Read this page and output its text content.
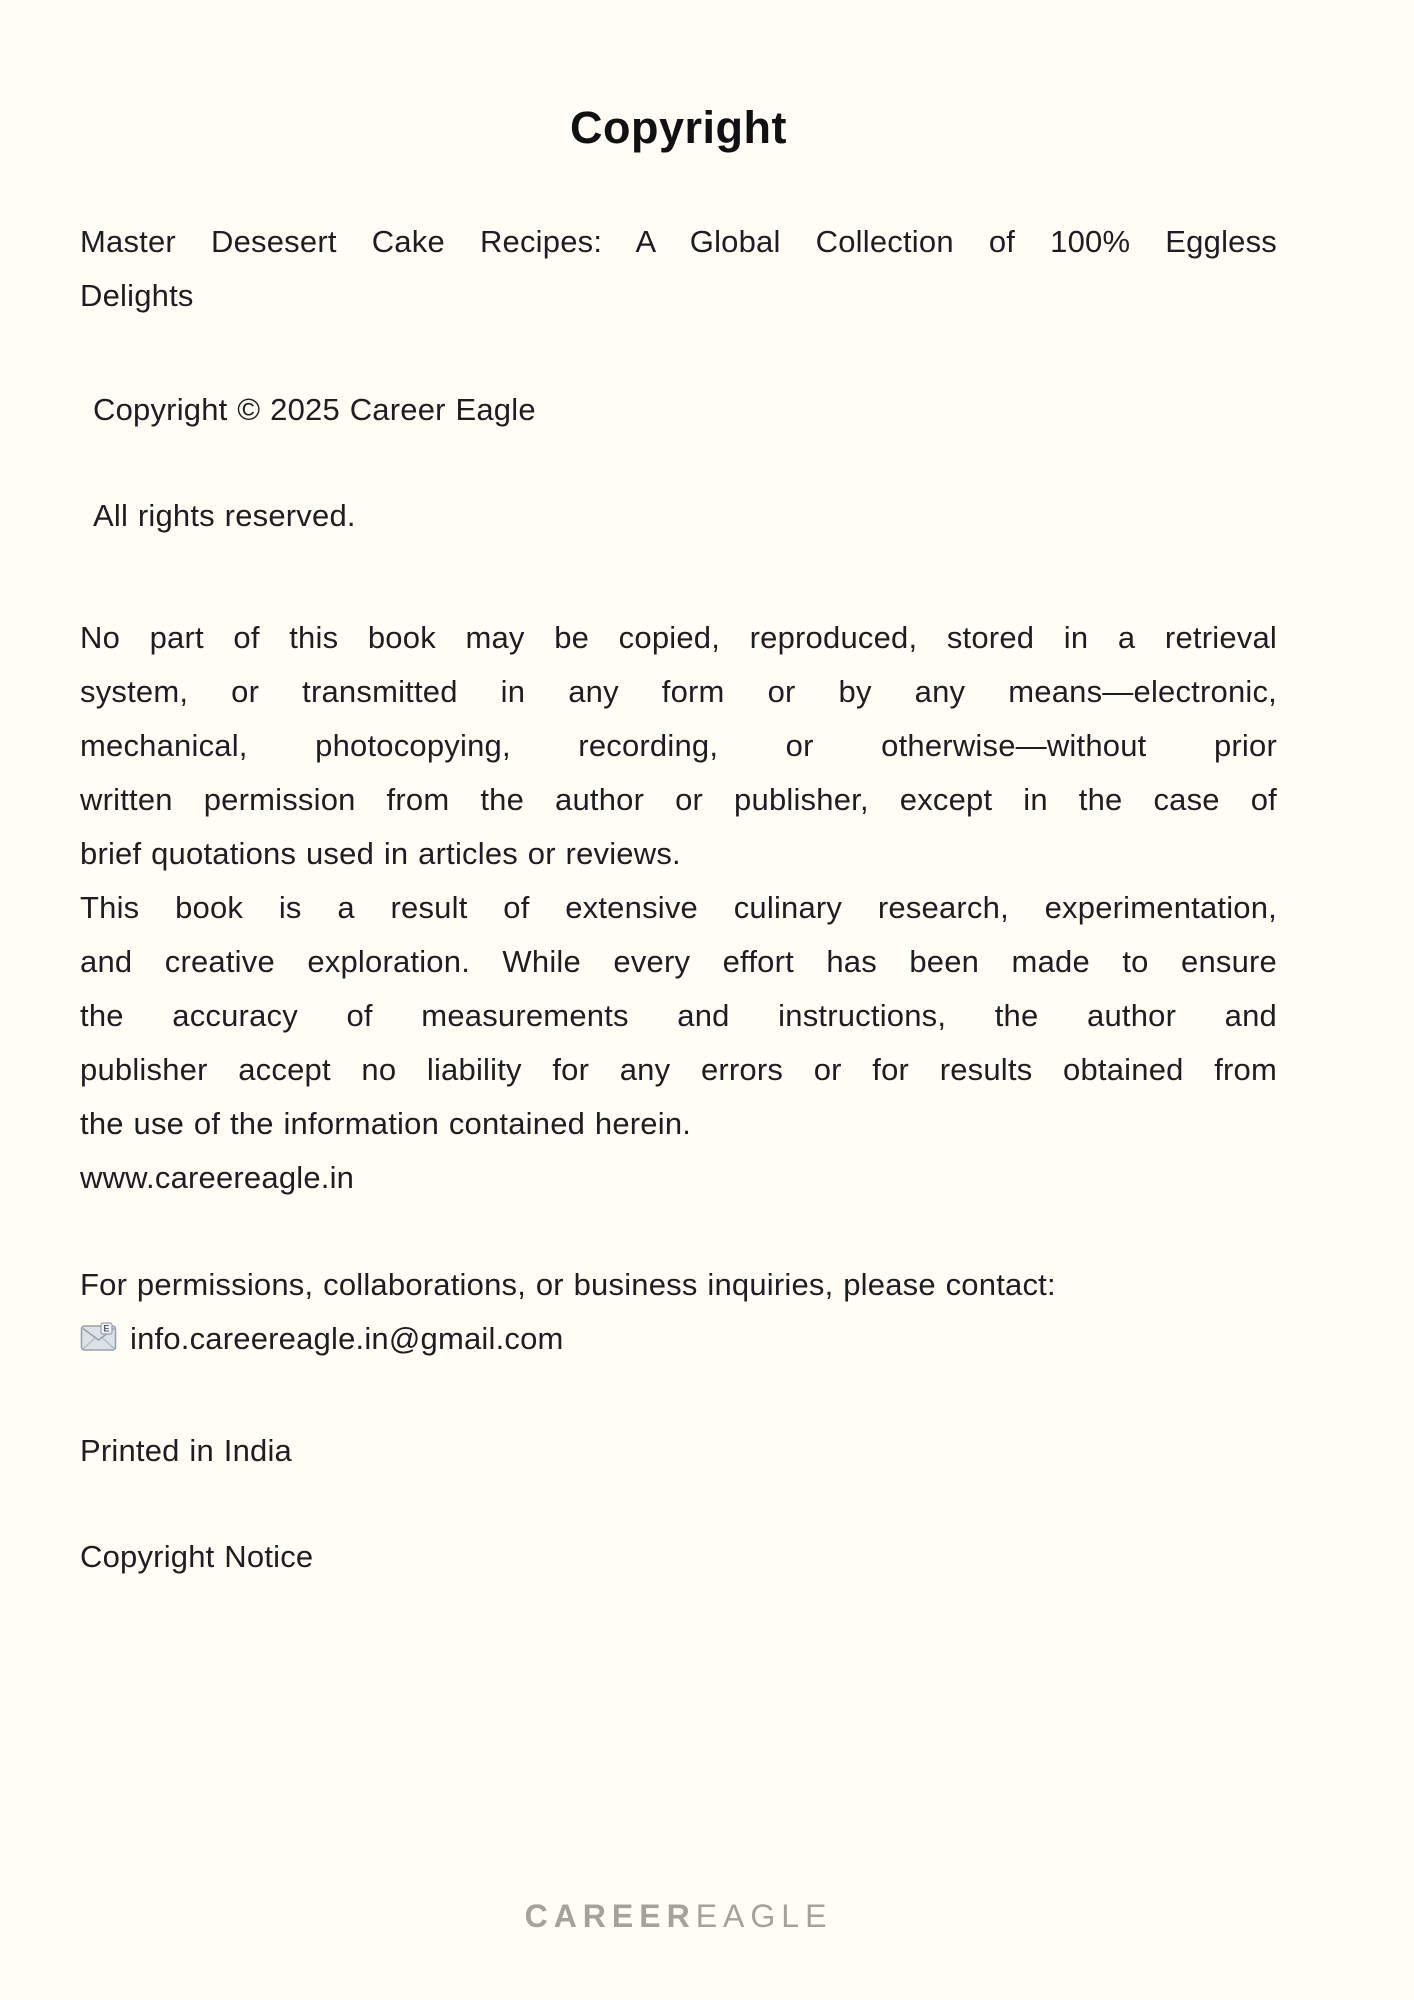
Copyright
Master Desesert Cake Recipes: A Global Collection of 100% Eggless
Delights
Copyright © 2025 Career Eagle
All rights reserved.
No part of this book may be copied, reproduced, stored in a retrieval
system, or transmitted in any form or by any means—electronic,
mechanical, photocopying, recording, or otherwise—without prior
written permission from the author or publisher, except in the case of
brief quotations used in articles or reviews.
This book is a result of extensive culinary research, experimentation,
and creative exploration. While every effort has been made to ensure
the accuracy of measurements and instructions, the author and
publisher accept no liability for any errors or for results obtained from
the use of the information contained herein.
www.careereagle.in
For permissions, collaborations, or business inquiries, please contact:
E info.careereagle.in@gmail.com
Printed in India
Copyright Notice
CAREEREAGLE
